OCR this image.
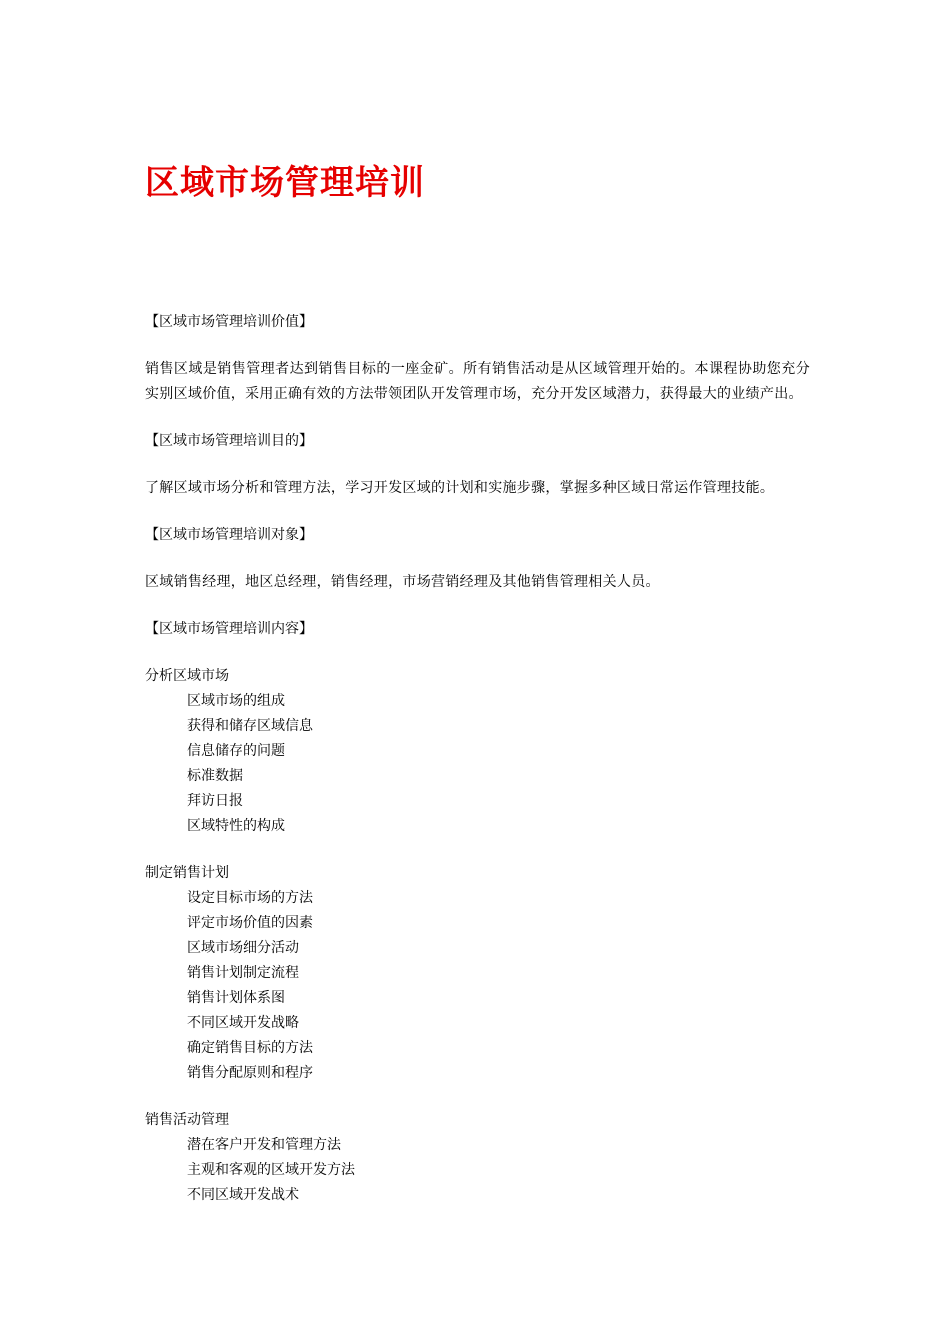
区域市场管理培训
【区域市场管理培训价值】
销售区域是销售管理者达到销售目标的一座金矿。所有销售活动是从区域管理开始的。本课程协助您充分实别区域价值，采用正确有效的方法带领团队开发管理市场，充分开发区域潜力，获得最大的业绩产出。
【区域市场管理培训目的】
了解区域市场分析和管理方法，学习开发区域的计划和实施步骤，掌握多种区域日常运作管理技能。
【区域市场管理培训对象】
区域销售经理，地区总经理，销售经理，市场营销经理及其他销售管理相关人员。
【区域市场管理培训内容】
分析区域市场
区域市场的组成
获得和储存区域信息
信息储存的问题
标准数据
拜访日报
区域特性的构成
制定销售计划
设定目标市场的方法
评定市场价值的因素
区域市场细分活动
销售计划制定流程
销售计划体系图
不同区域开发战略
确定销售目标的方法
销售分配原则和程序
销售活动管理
潜在客户开发和管理方法
主观和客观的区域开发方法
不同区域开发战术
